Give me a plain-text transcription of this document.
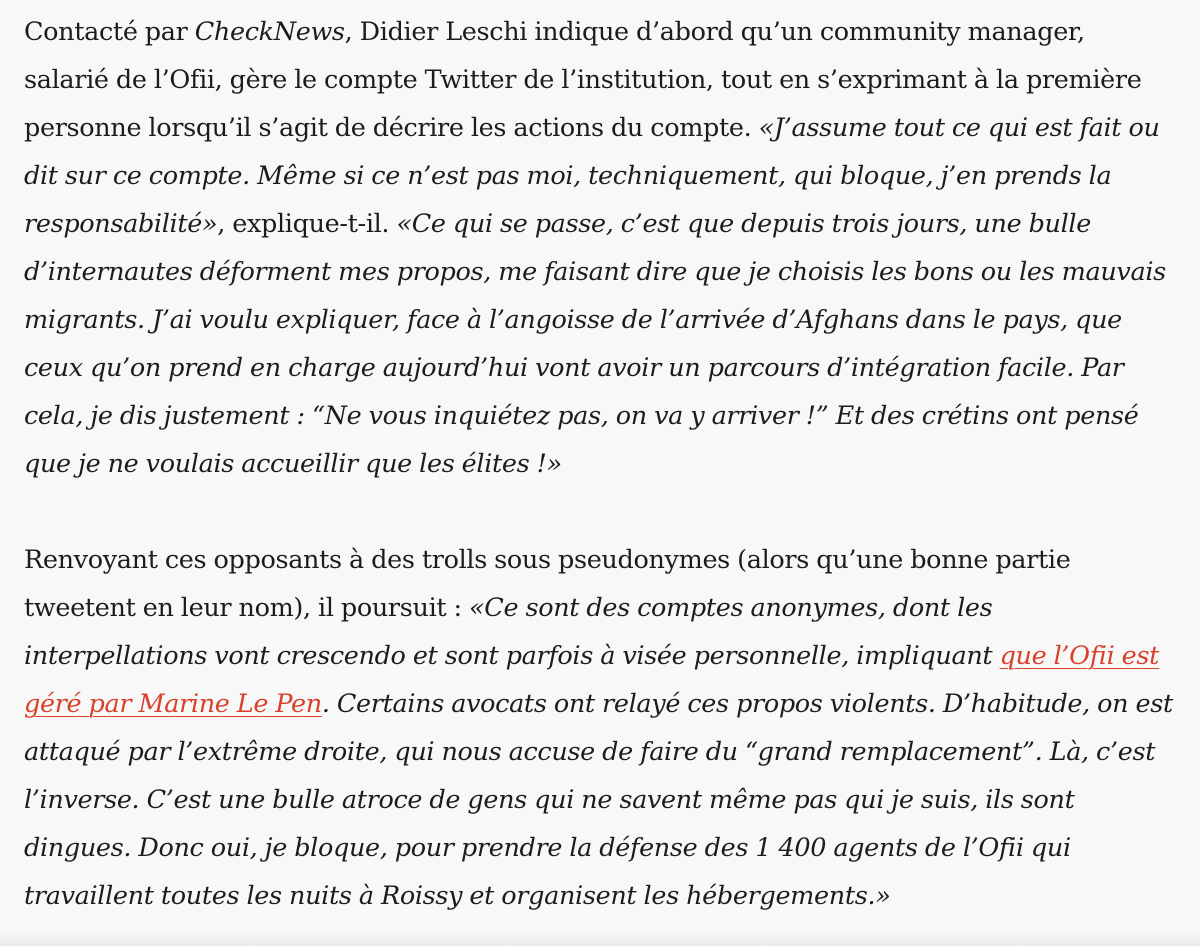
Contacté par CheckNews, Didier Leschi indique d’abord qu’un community manager, salarié de l’Ofii, gère le compte Twitter de l’institution, tout en s’exprimant à la première personne lorsqu’il s’agit de décrire les actions du compte. «J’assume tout ce qui est fait ou dit sur ce compte. Même si ce n’est pas moi, techniquement, qui bloque, j’en prends la responsabilité», explique-t-il. «Ce qui se passe, c’est que depuis trois jours, une bulle d’internautes déforment mes propos, me faisant dire que je choisis les bons ou les mauvais migrants. J’ai voulu expliquer, face à l’angoisse de l’arrivée d’Afghans dans le pays, que ceux qu’on prend en charge aujourd’hui vont avoir un parcours d’intégration facile. Par cela, je dis justement : “Ne vous inquiétez pas, on va y arriver !” Et des crétins ont pensé que je ne voulais accueillir que les élites !»

Renvoyant ces opposants à des trolls sous pseudonymes (alors qu’une bonne partie tweetent en leur nom), il poursuit : «Ce sont des comptes anonymes, dont les interpellations vont crescendo et sont parfois à visée personnelle, impliquant que l’Ofii est géré par Marine Le Pen. Certains avocats ont relayé ces propos violents. D’habitude, on est attaqué par l’extrême droite, qui nous accuse de faire du “grand remplacement”. Là, c’est l’inverse. C’est une bulle atroce de gens qui ne savent même pas qui je suis, ils sont dingues. Donc oui, je bloque, pour prendre la défense des 1 400 agents de l’Ofii qui travaillent toutes les nuits à Roissy et organisent les hébergements.»
